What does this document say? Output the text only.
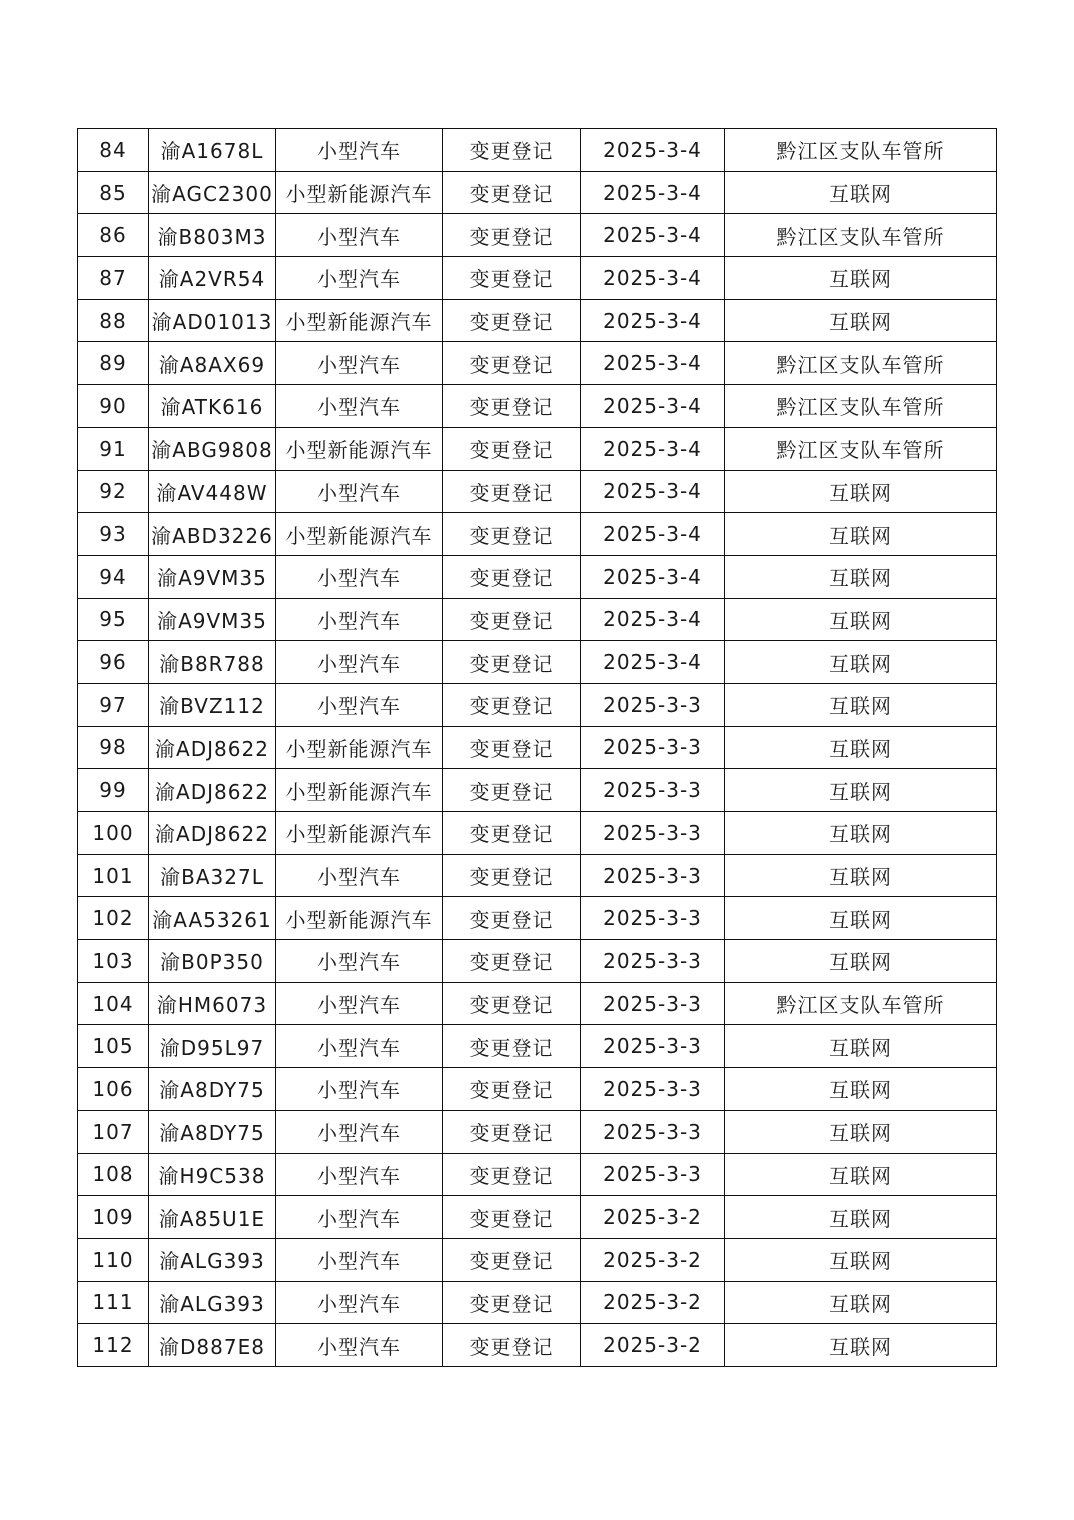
84	渝A1678L	小型汽车	变更登记	2025-3-4	黔江区支队车管所
85	渝AGC2300	小型新能源汽车	变更登记	2025-3-4	互联网
86	渝B803M3	小型汽车	变更登记	2025-3-4	黔江区支队车管所
87	渝A2VR54	小型汽车	变更登记	2025-3-4	互联网
88	渝AD01013	小型新能源汽车	变更登记	2025-3-4	互联网
89	渝A8AX69	小型汽车	变更登记	2025-3-4	黔江区支队车管所
90	渝ATK616	小型汽车	变更登记	2025-3-4	黔江区支队车管所
91	渝ABG9808	小型新能源汽车	变更登记	2025-3-4	黔江区支队车管所
92	渝AV448W	小型汽车	变更登记	2025-3-4	互联网
93	渝ABD3226	小型新能源汽车	变更登记	2025-3-4	互联网
94	渝A9VM35	小型汽车	变更登记	2025-3-4	互联网
95	渝A9VM35	小型汽车	变更登记	2025-3-4	互联网
96	渝B8R788	小型汽车	变更登记	2025-3-4	互联网
97	渝BVZ112	小型汽车	变更登记	2025-3-3	互联网
98	渝ADJ8622	小型新能源汽车	变更登记	2025-3-3	互联网
99	渝ADJ8622	小型新能源汽车	变更登记	2025-3-3	互联网
100	渝ADJ8622	小型新能源汽车	变更登记	2025-3-3	互联网
101	渝BA327L	小型汽车	变更登记	2025-3-3	互联网
102	渝AA53261	小型新能源汽车	变更登记	2025-3-3	互联网
103	渝B0P350	小型汽车	变更登记	2025-3-3	互联网
104	渝HM6073	小型汽车	变更登记	2025-3-3	黔江区支队车管所
105	渝D95L97	小型汽车	变更登记	2025-3-3	互联网
106	渝A8DY75	小型汽车	变更登记	2025-3-3	互联网
107	渝A8DY75	小型汽车	变更登记	2025-3-3	互联网
108	渝H9C538	小型汽车	变更登记	2025-3-3	互联网
109	渝A85U1E	小型汽车	变更登记	2025-3-2	互联网
110	渝ALG393	小型汽车	变更登记	2025-3-2	互联网
111	渝ALG393	小型汽车	变更登记	2025-3-2	互联网
112	渝D887E8	小型汽车	变更登记	2025-3-2	互联网
